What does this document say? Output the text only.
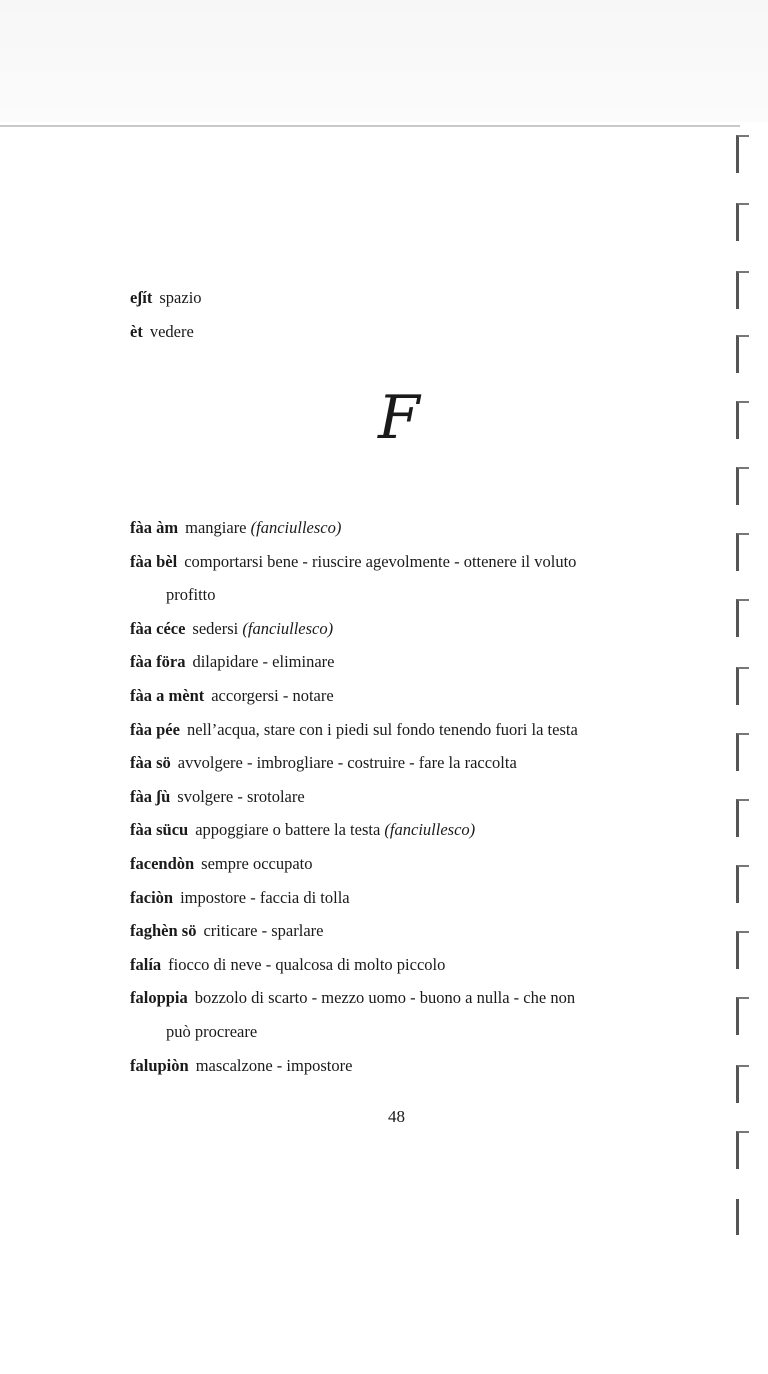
eʃít spazio
èt vedere
F
fàa àm mangiare (fanciullesco)
fàa bèl comportarsi bene - riuscire agevolmente - ottenere il voluto
profitto
fàa céce sedersi (fanciullesco)
fàa föra dilapidare - eliminare
fàa a mènt accorgersi - notare
fàa pée nell’acqua, stare con i piedi sul fondo tenendo fuori la testa
fàa sö avvolgere - imbrogliare - costruire - fare la raccolta
fàa ʃù svolgere - srotolare
fàa sücu appoggiare o battere la testa (fanciullesco)
facendòn sempre occupato
faciòn impostore - faccia di tolla
faghèn sö criticare - sparlare
falía fiocco di neve - qualcosa di molto piccolo
faloppia bozzolo di scarto - mezzo uomo - buono a nulla - che non
può procreare
falupiòn mascalzone - impostore
48
